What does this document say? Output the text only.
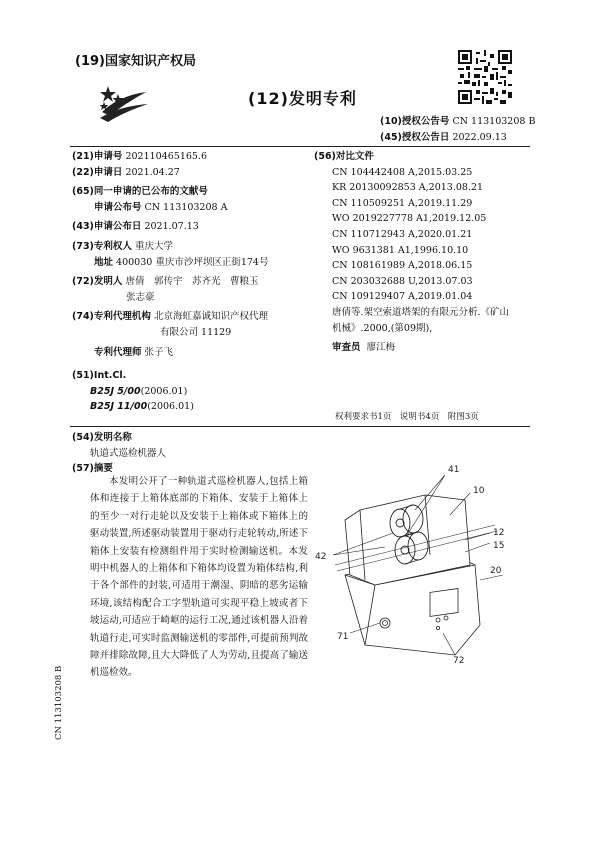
(19)国家知识产权局
(12)发明专利
(10)授权公告号 CN 113103208 B
(45)授权公告日 2022.09.13
(21)申请号 202110465165.6
(22)申请日 2021.04.27
(65)同一申请的已公布的文献号
申请公布号 CN 113103208 A
(43)申请公布日 2021.07.13
(73)专利权人 重庆大学
地址 400030 重庆市沙坪坝区正街174号
(72)发明人 唐倩　郭传宇　苏齐光　曹粮玉
张志豪
(74)专利代理机构 北京海虹嘉诚知识产权代理
有限公司 11129
专利代理师 张子飞
(51)Int.Cl.
B25J 5/00(2006.01)
B25J 11/00(2006.01)
(56)对比文件
CN 104442408 A,2015.03.25
KR 20130092853 A,2013.08.21
CN 110509251 A,2019.11.29
WO 2019227778 A1,2019.12.05
CN 110712943 A,2020.01.21
WO 9631381 A1,1996.10.10
CN 108161989 A,2018.06.15
CN 203032688 U,2013.07.03
CN 109129407 A,2019.01.04
唐倩等.架空索道塔架的有限元分析.《矿山
机械》.2000,(第09期),
审查员 廖江梅
权利要求书1页　说明书4页　附图3页
(54)发明名称
轨道式巡检机器人
(57)摘要
本发明公开了一种轨道式巡检机器人,包括上箱体和连接于上箱体底部的下箱体、安装于上箱体上的至少一对行走轮以及安装于上箱体或下箱体上的驱动装置,所述驱动装置用于驱动行走轮转动,所述下箱体上安装有检测组件用于实时检测输送机。本发明中机器人的上箱体和下箱体均设置为箱体结构,利于各个部件的封装,可适用于潮湿、阴暗的恶劣运输环境,该结构配合工字型轨道可实现平稳上坡或者下坡运动,可适应于崎岖的运行工况,通过该机器人沿着轨道行走,可实时监测输送机的零部件,可提前预判故障并排除故障,且大大降低了人为劳动,且提高了输送机巡检效。
CN 113103208 B
41
10
12
15
20
42
71
72
